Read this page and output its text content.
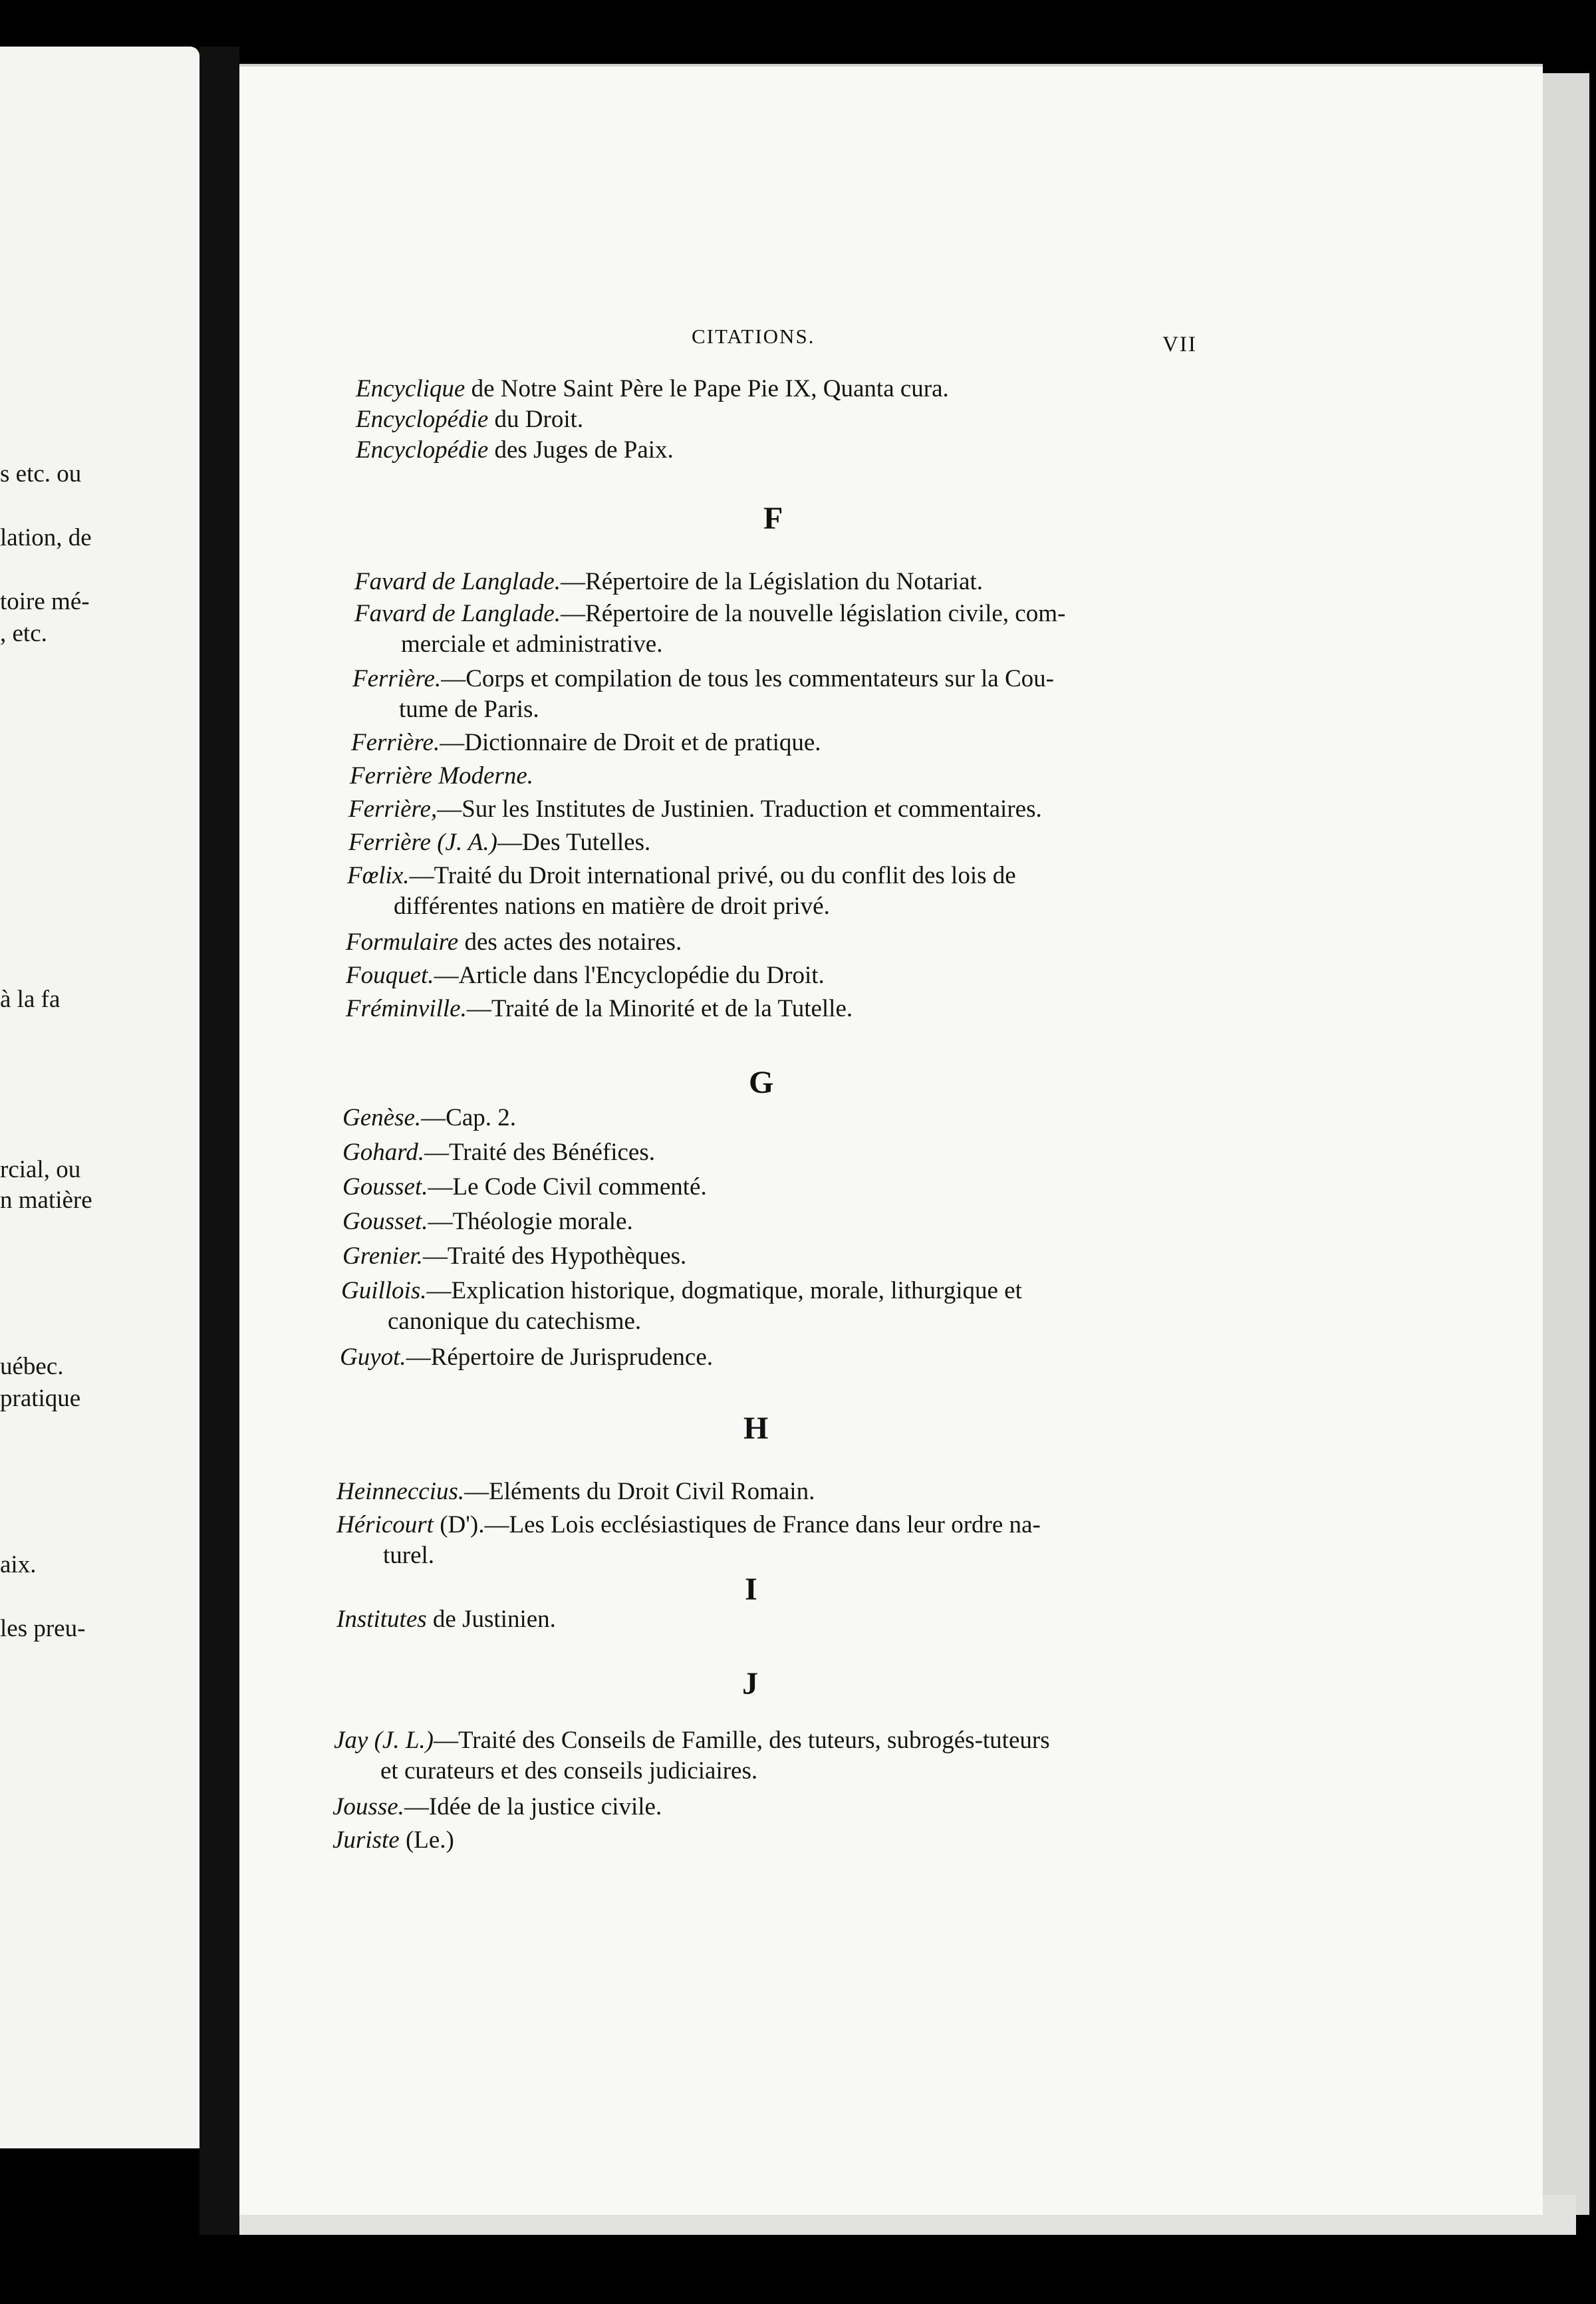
s etc. ou
lation, de
toire mé-
, etc.
à la fa
rcial, ou
n matière
uébec.
pratique
aix.
les preu-
CITATIONS.	VII
Encyclique de Notre Saint Père le Pape Pie IX, Quanta cura.
Encyclopédie du Droit.
Encyclopédie des Juges de Paix.
F
Favard de Langlade.—Répertoire de la Législation du Notariat.
Favard de Langlade.—Répertoire de la nouvelle législation civile, com-
merciale et administrative.
Ferrière.—Corps et compilation de tous les commentateurs sur la Cou-
tume de Paris.
Ferrière.—Dictionnaire de Droit et de pratique.
Ferrière Moderne.
Ferrière,—Sur les Institutes de Justinien. Traduction et commentaires.
Ferrière (J. A.)—Des Tutelles.
Fœlix.—Traité du Droit international privé, ou du conflit des lois de
différentes nations en matière de droit privé.
Formulaire des actes des notaires.
Fouquet.—Article dans l'Encyclopédie du Droit.
Fréminville.—Traité de la Minorité et de la Tutelle.
G
Genèse.—Cap. 2.
Gohard.—Traité des Bénéfices.
Gousset.—Le Code Civil commenté.
Gousset.—Théologie morale.
Grenier.—Traité des Hypothèques.
Guillois.—Explication historique, dogmatique, morale, lithurgique et
canonique du catechisme.
Guyot.—Répertoire de Jurisprudence.
H
Heinneccius.—Eléments du Droit Civil Romain.
Héricourt (D').—Les Lois ecclésiastiques de France dans leur ordre na-
turel.
I
Institutes de Justinien.
J
Jay (J. L.)—Traité des Conseils de Famille, des tuteurs, subrogés-tuteurs
et curateurs et des conseils judiciaires.
Jousse.—Idée de la justice civile.
Juriste (Le.)
